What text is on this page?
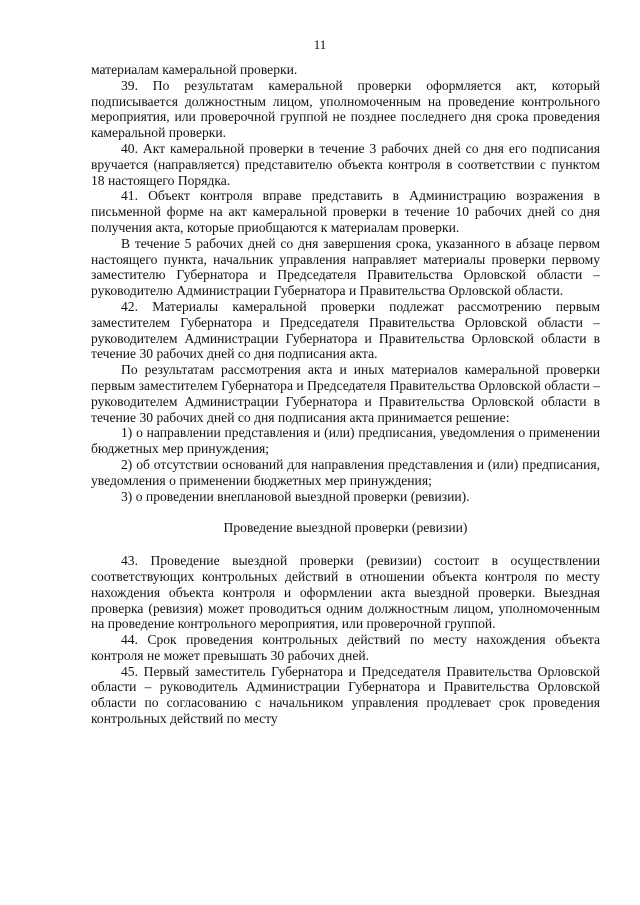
11

материалам камеральной проверки.

39. По результатам камеральной проверки оформляется акт, который подписывается должностным лицом, уполномоченным на проведение контрольного мероприятия, или проверочной группой не позднее последнего дня срока проведения камеральной проверки.

40. Акт камеральной проверки в течение 3 рабочих дней со дня его подписания вручается (направляется) представителю объекта контроля в соответствии с пунктом 18 настоящего Порядка.

41. Объект контроля вправе представить в Администрацию возражения в письменной форме на акт камеральной проверки в течение 10 рабочих дней со дня получения акта, которые приобщаются к материалам проверки.

В течение 5 рабочих дней со дня завершения срока, указанного в абзаце первом настоящего пункта, начальник управления направляет материалы проверки первому заместителю Губернатора и Председателя Правительства Орловской области – руководителю Администрации Губернатора и Правительства Орловской области.

42. Материалы камеральной проверки подлежат рассмотрению первым заместителем Губернатора и Председателя Правительства Орловской области – руководителем Администрации Губернатора и Правительства Орловской области в течение 30 рабочих дней со дня подписания акта.

По результатам рассмотрения акта и иных материалов камеральной проверки первым заместителем Губернатора и Председателя Правительства Орловской области – руководителем Администрации Губернатора и Правительства Орловской области в течение 30 рабочих дней со дня подписания акта принимается решение:

1) о направлении представления и (или) предписания, уведомления о применении бюджетных мер принуждения;

2) об отсутствии оснований для направления представления и (или) предписания, уведомления о применении бюджетных мер принуждения;

3) о проведении внеплановой выездной проверки (ревизии).

Проведение выездной проверки (ревизии)

43. Проведение выездной проверки (ревизии) состоит в осуществлении соответствующих контрольных действий в отношении объекта контроля по месту нахождения объекта контроля и оформлении акта выездной проверки. Выездная проверка (ревизия) может проводиться одним должностным лицом, уполномоченным на проведение контрольного мероприятия, или проверочной группой.

44. Срок проведения контрольных действий по месту нахождения объекта контроля не может превышать 30 рабочих дней.

45. Первый заместитель Губернатора и Председателя Правительства Орловской области – руководитель Администрации Губернатора и Правительства Орловской области по согласованию с начальником управления продлевает срок проведения контрольных действий по месту
